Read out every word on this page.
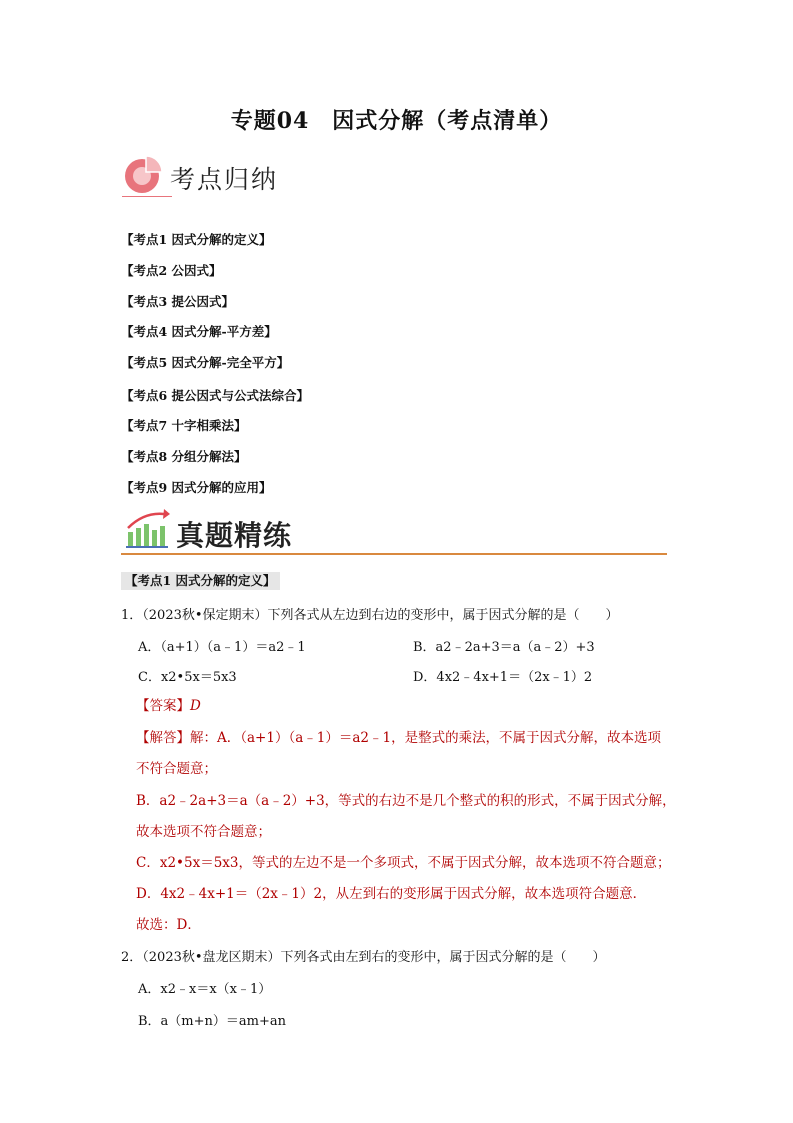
专题04　因式分解（考点清单）
考点归纳
【考点1 因式分解的定义】
【考点2 公因式】
【考点3 提公因式】
【考点4 因式分解-平方差】
【考点5 因式分解-完全平方】
【考点6 提公因式与公式法综合】
【考点7 十字相乘法】
【考点8 分组分解法】
【考点9 因式分解的应用】
真题精练
【考点1 因式分解的定义】
1．（2023秋•保定期末）下列各式从左边到右边的变形中，属于因式分解的是（　　）
A．（a+1）（a﹣1）＝a2﹣1	B．a2﹣2a+3＝a（a﹣2）+3
C．x2•5x＝5x3	D．4x2﹣4x+1＝（2x﹣1）2
【答案】D
【解答】解：A．（a+1）（a﹣1）＝a2﹣1，是整式的乘法，不属于因式分解，故本选项
不符合题意；
B．a2﹣2a+3＝a（a﹣2）+3，等式的右边不是几个整式的积的形式，不属于因式分解，
故本选项不符合题意；
C．x2•5x＝5x3，等式的左边不是一个多项式，不属于因式分解，故本选项不符合题意；
D．4x2﹣4x+1＝（2x﹣1）2，从左到右的变形属于因式分解，故本选项符合题意．
故选：D．
2．（2023秋•盘龙区期末）下列各式由左到右的变形中，属于因式分解的是（　　）
A．x2﹣x＝x（x﹣1）
B．a（m+n）＝am+an
